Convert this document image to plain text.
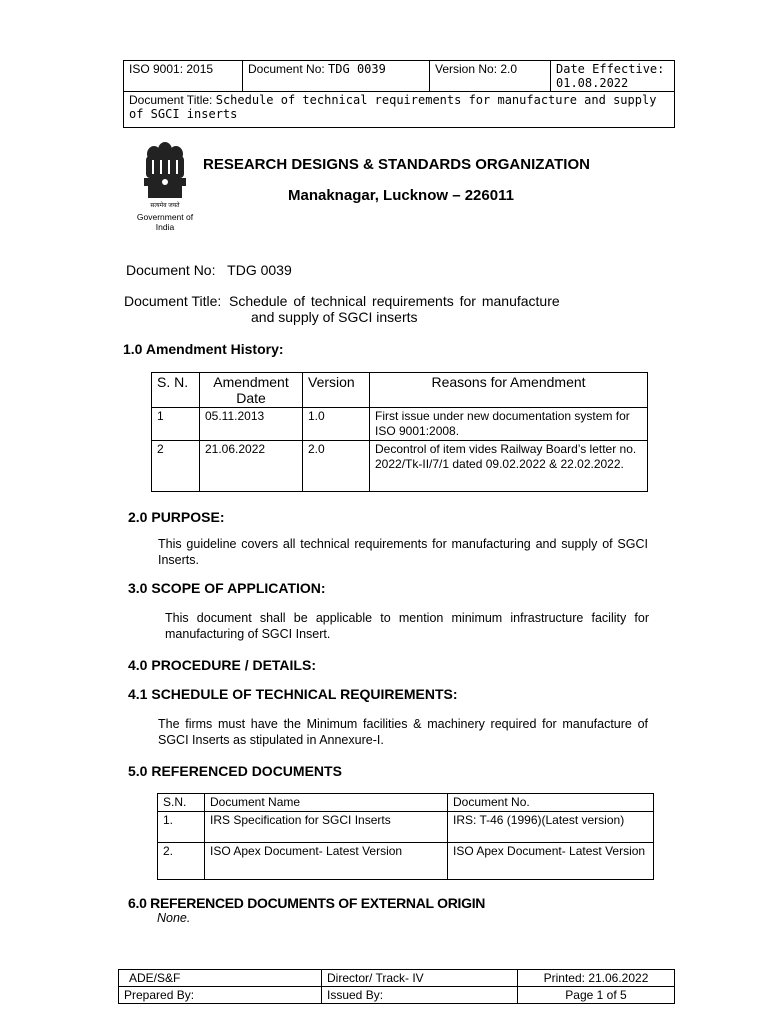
ISO 9001: 2015	Document No: TDG 0039	Version No: 2.0	Date Effective:
01.08.2022

Document Title: Schedule of technical requirements for manufacture and supply of SGCI inserts
सत्यमेव जयते
Government of India
RESEARCH DESIGNS & STANDARDS ORGANIZATION
Manaknagar, Lucknow – 226011
Document No: TDG 0039
Document Title: Schedule of technical requirements for manufacture
and supply of SGCI inserts
1.0 Amendment History:
S. N.	Amendment Date	Version	Reasons for Amendment
1	05.11.2013	1.0	First issue under new documentation system for ISO 9001:2008.
2	21.06.2022	2.0	Decontrol of item vides Railway Board’s letter no. 2022/Tk-II/7/1 dated 09.02.2022 & 22.02.2022.
2.0 PURPOSE:
This guideline covers all technical requirements for manufacturing and supply of SGCI Inserts.
3.0 SCOPE OF APPLICATION:
This document shall be applicable to mention minimum infrastructure facility for manufacturing of SGCI Insert.
4.0 PROCEDURE / DETAILS:
4.1 SCHEDULE OF TECHNICAL REQUIREMENTS:
The firms must have the Minimum facilities & machinery required for manufacture of SGCI Inserts as stipulated in Annexure-I.
5.0 REFERENCED DOCUMENTS
S.N.	Document Name	Document No.
1.	IRS Specification for SGCI Inserts	IRS: T-46 (1996)(Latest version)
2.	ISO Apex Document- Latest Version	ISO Apex Document- Latest Version
6.0 REFERENCED DOCUMENTS OF EXTERNAL ORIGIN
None.
ADE/S&F	Director/ Track- IV	Printed: 21.06.2022
Prepared By:	Issued By:	Page 1 of 5
